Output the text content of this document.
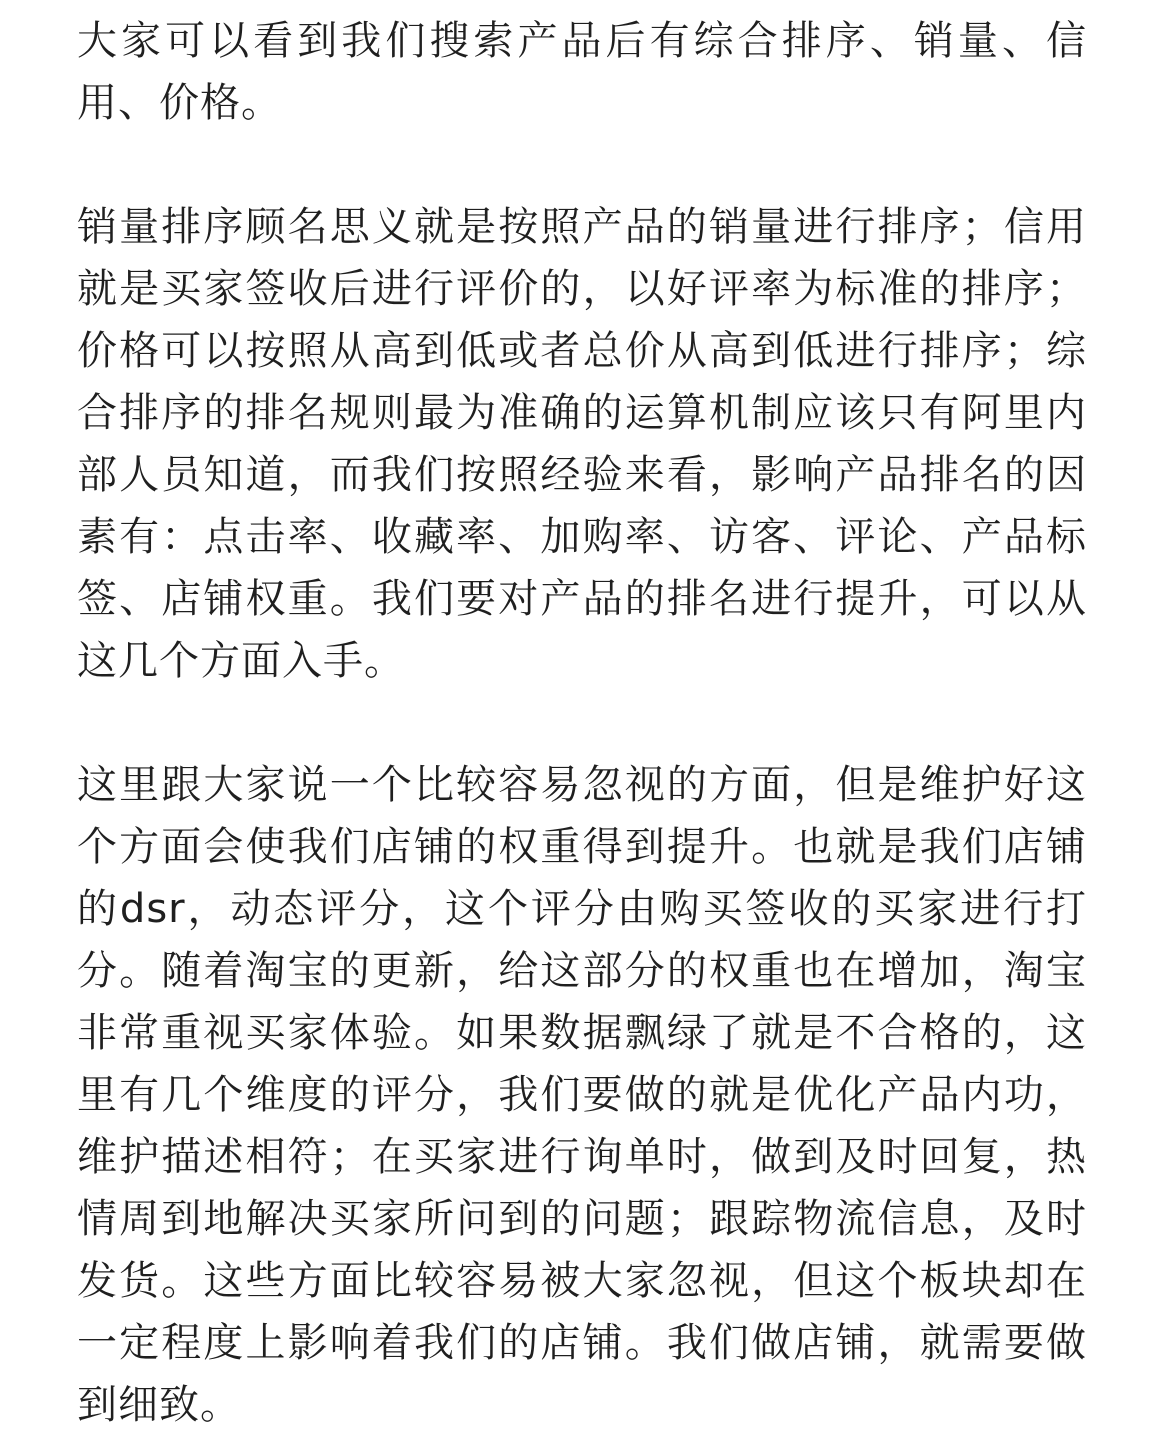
大家可以看到我们搜索产品后有综合排序、销量、信用、价格。

销量排序顾名思义就是按照产品的销量进行排序；信用就是买家签收后进行评价的，以好评率为标准的排序；价格可以按照从高到低或者总价从高到低进行排序；综合排序的排名规则最为准确的运算机制应该只有阿里内部人员知道，而我们按照经验来看，影响产品排名的因素有：点击率、收藏率、加购率、访客、评论、产品标签、店铺权重。我们要对产品的排名进行提升，可以从这几个方面入手。

这里跟大家说一个比较容易忽视的方面，但是维护好这个方面会使我们店铺的权重得到提升。也就是我们店铺的dsr，动态评分，这个评分由购买签收的买家进行打分。随着淘宝的更新，给这部分的权重也在增加，淘宝非常重视买家体验。如果数据飘绿了就是不合格的，这里有几个维度的评分，我们要做的就是优化产品内功，维护描述相符；在买家进行询单时，做到及时回复，热情周到地解决买家所问到的问题；跟踪物流信息，及时发货。这些方面比较容易被大家忽视，但这个板块却在一定程度上影响着我们的店铺。我们做店铺，就需要做到细致。
